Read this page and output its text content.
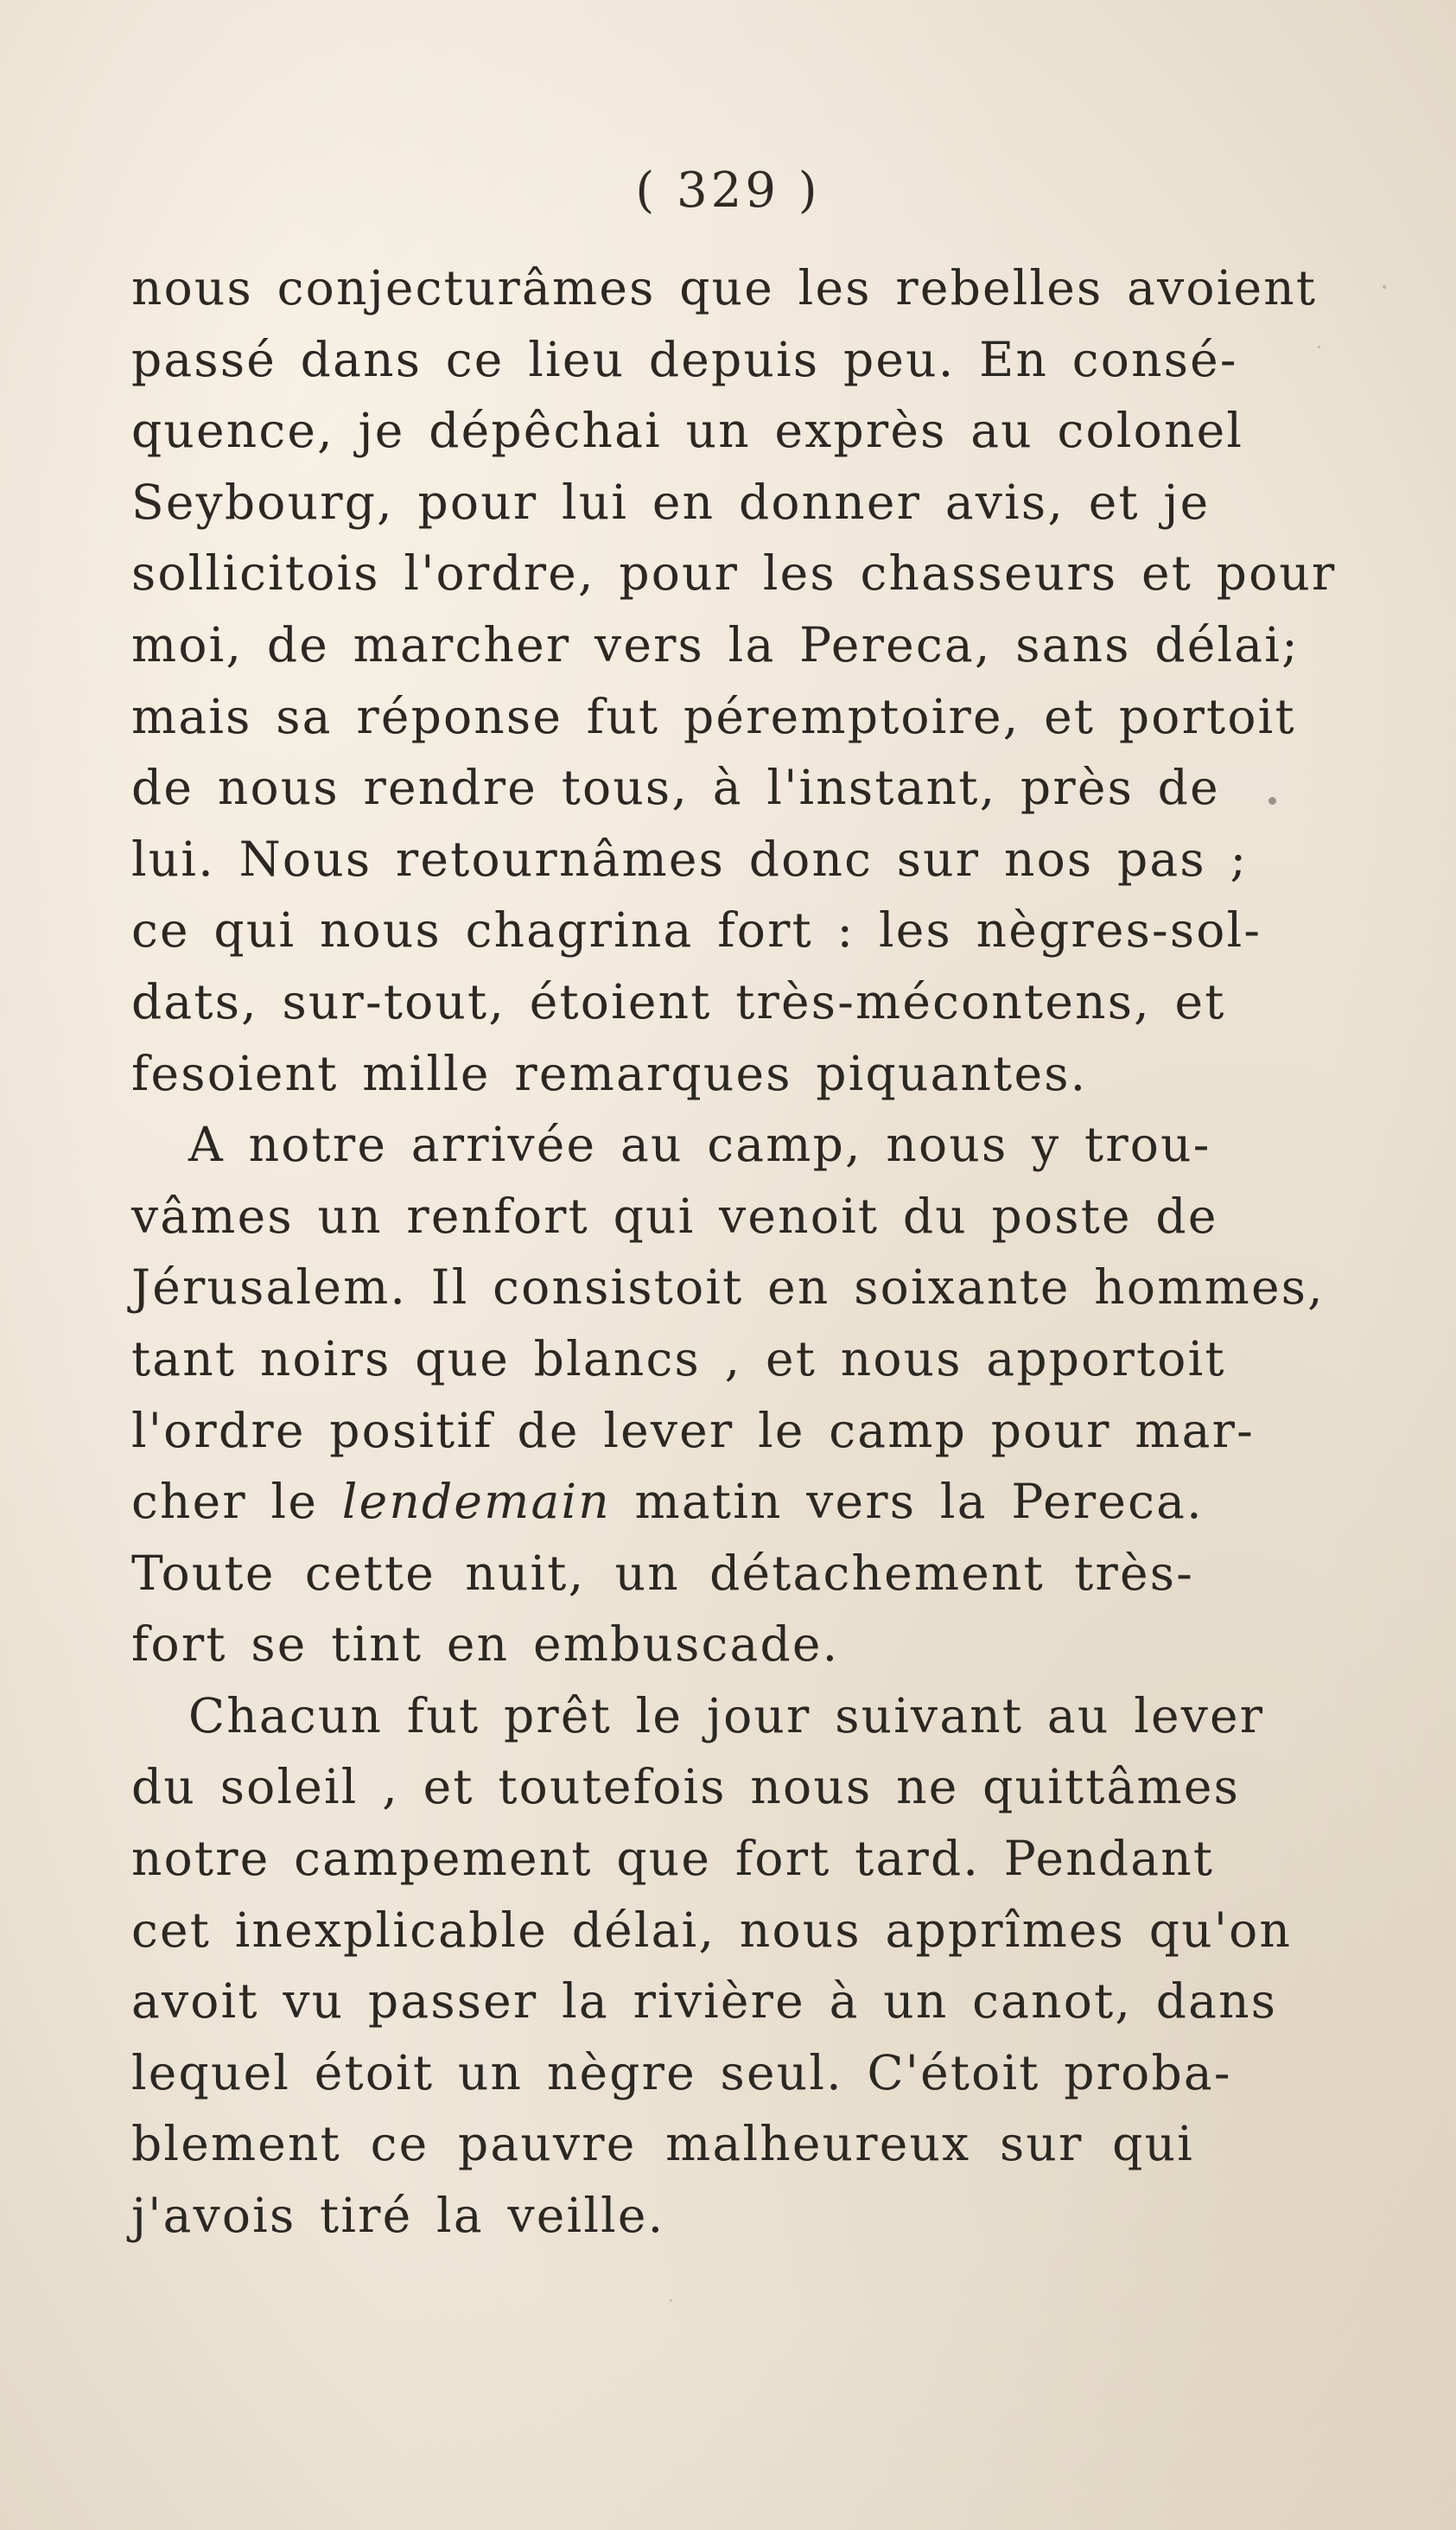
( 329 )
nous conjecturâmes que les rebelles avoient
passé dans ce lieu depuis peu. En consé-
quence, je dépêchai un exprès au colonel
Seybourg, pour lui en donner avis, et je
sollicitois l'ordre, pour les chasseurs et pour
moi, de marcher vers la Pereca, sans délai;
mais sa réponse fut péremptoire, et portoit
de nous rendre tous, à l'instant, près de
lui. Nous retournâmes donc sur nos pas ;
ce qui nous chagrina fort : les nègres-sol-
dats, sur-tout, étoient très-mécontens, et
fesoient mille remarques piquantes.
A notre arrivée au camp, nous y trou-
vâmes un renfort qui venoit du poste de
Jérusalem. Il consistoit en soixante hommes,
tant noirs que blancs , et nous apportoit
l'ordre positif de lever le camp pour mar-
cher le lendemain matin vers la Pereca.
Toute cette nuit, un détachement très-
fort se tint en embuscade.
Chacun fut prêt le jour suivant au lever
du soleil , et toutefois nous ne quittâmes
notre campement que fort tard. Pendant
cet inexplicable délai, nous apprîmes qu'on
avoit vu passer la rivière à un canot, dans
lequel étoit un nègre seul. C'étoit proba-
blement ce pauvre malheureux sur qui
j'avois tiré la veille.
